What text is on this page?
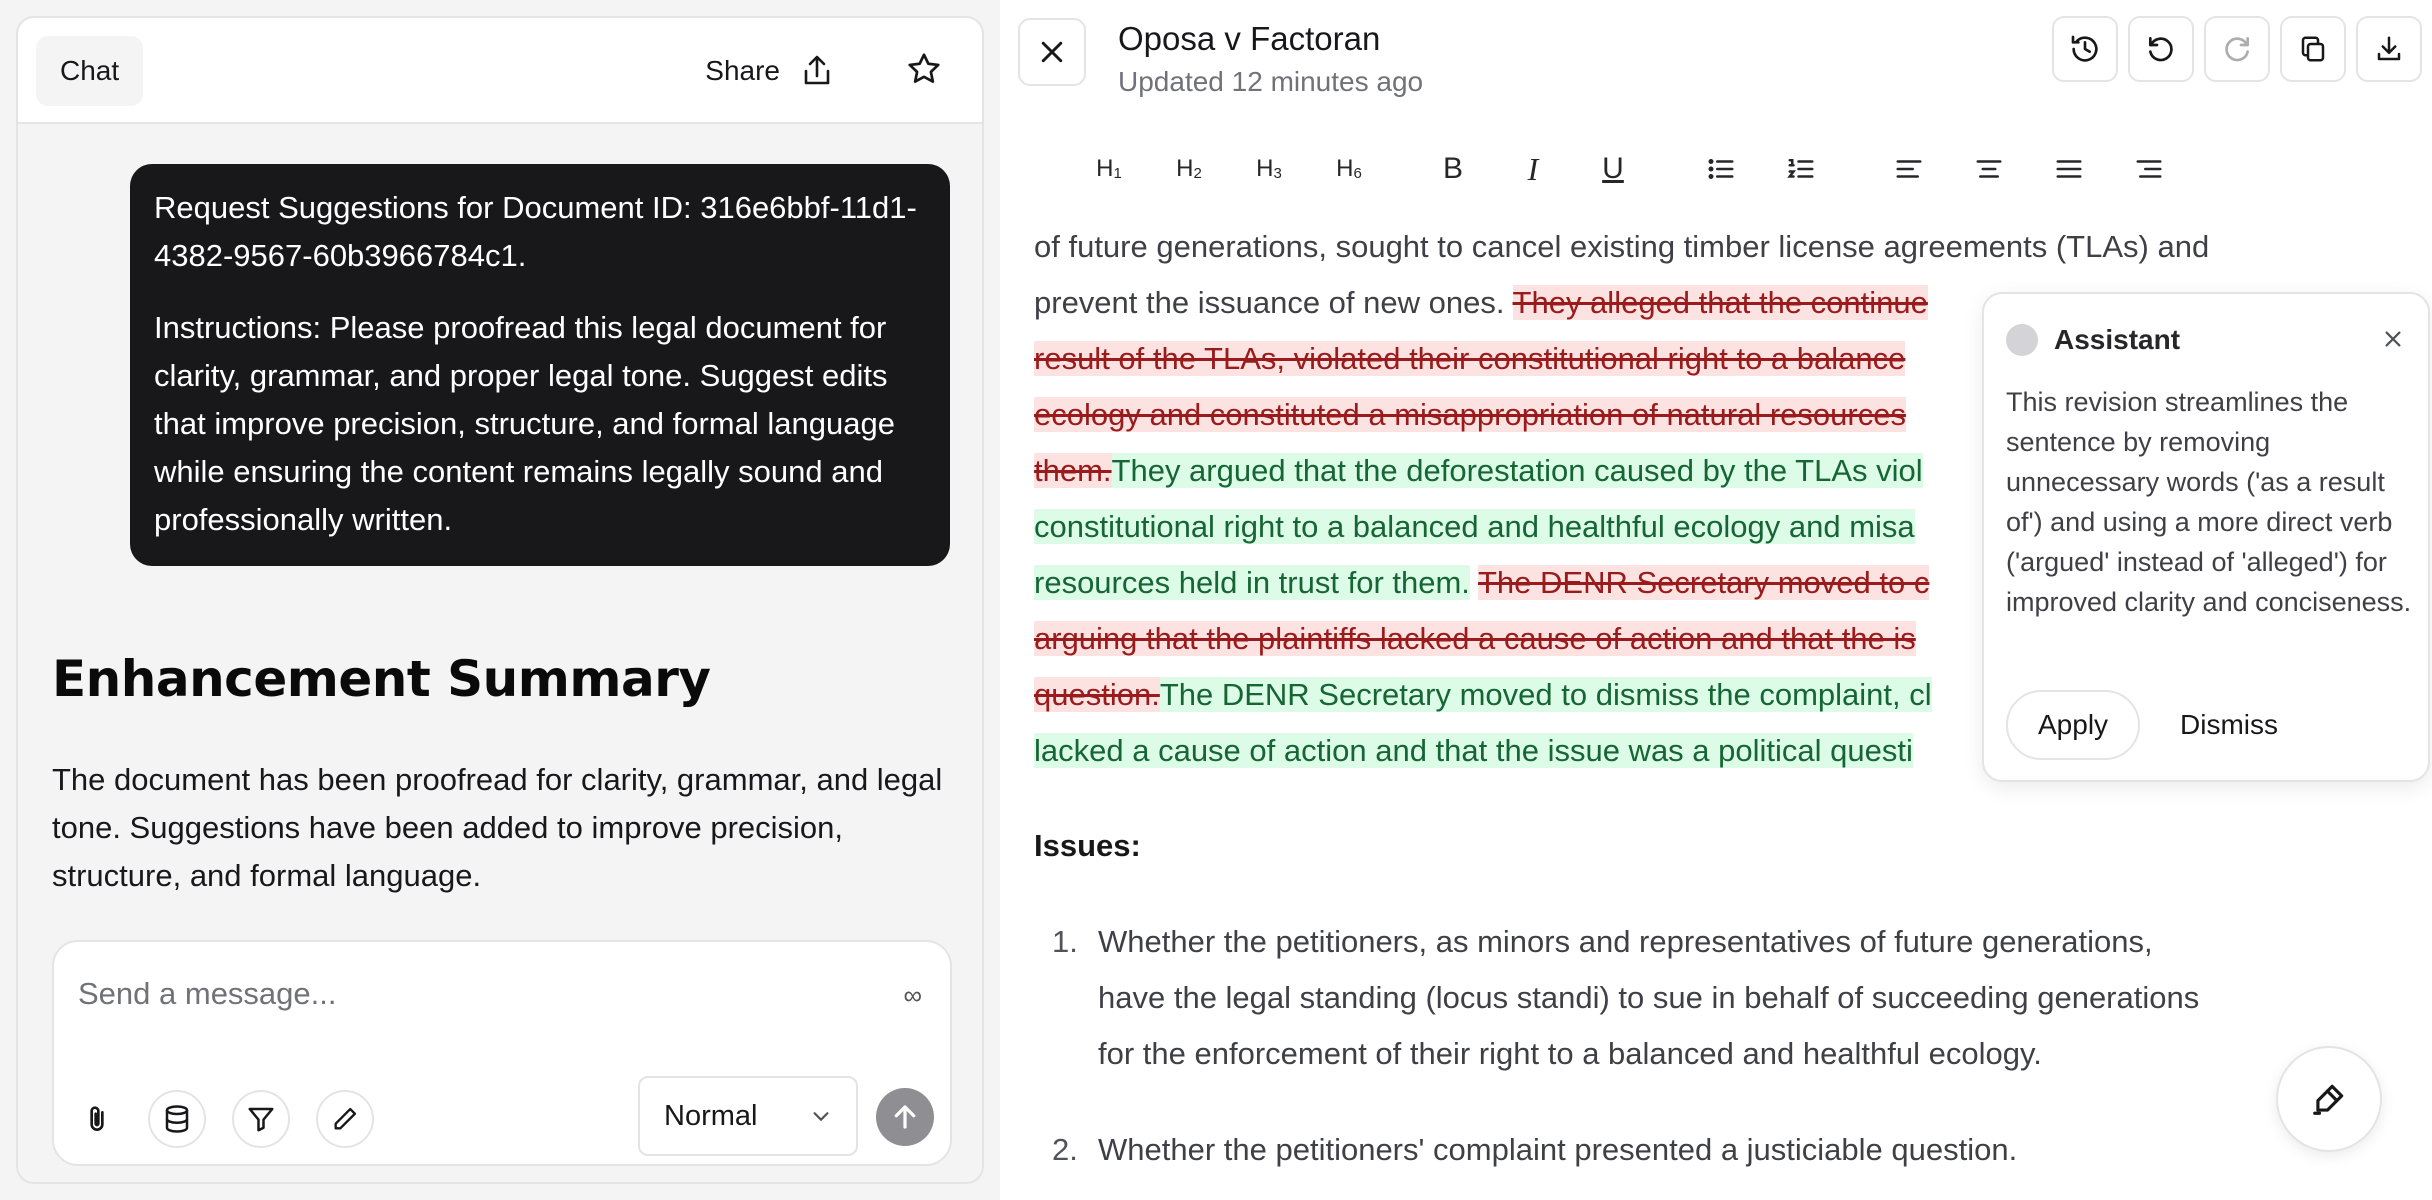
Chat	Share

Request Suggestions for Document ID: 316e6bbf-11d1-4382-9567-60b3966784c1.

Instructions: Please proofread this legal document for clarity, grammar, and proper legal tone. Suggest edits that improve precision, structure, and formal language while ensuring the content remains legally sound and professionally written.

Enhancement Summary
The document has been proofread for clarity, grammar, and legal tone. Suggestions have been added to improve precision, structure, and formal language.
Send a message...
∞
Normal
Oposa v Factoran
Updated 12 minutes ago
$H_1$ $H_2$ $H_3$ $H_6$	B I U
of future generations, sought to cancel existing timber license agreements (TLAs) and
prevent the issuance of new ones. They alleged that the continue
result of the TLAs, violated their constitutional right to a balance
ecology and constituted a misappropriation of natural resources
them.They argued that the deforestation caused by the TLAs viol
constitutional right to a balanced and healthful ecology and misa
resources held in trust for them. The DENR Secretary moved to c
arguing that the plaintiffs lacked a cause of action and that the is
question.The DENR Secretary moved to dismiss the complaint, cl
lacked a cause of action and that the issue was a political questi
Issues:
1. Whether the petitioners, as minors and representatives of future generations,
have the legal standing (locus standi) to sue in behalf of succeeding generations
for the enforcement of their right to a balanced and healthful ecology.
2. Whether the petitioners' complaint presented a justiciable question.
Assistant
This revision streamlines the sentence by removing unnecessary words ('as a result of') and using a more direct verb ('argued' instead of 'alleged') for improved clarity and conciseness.
Apply	Dismiss
